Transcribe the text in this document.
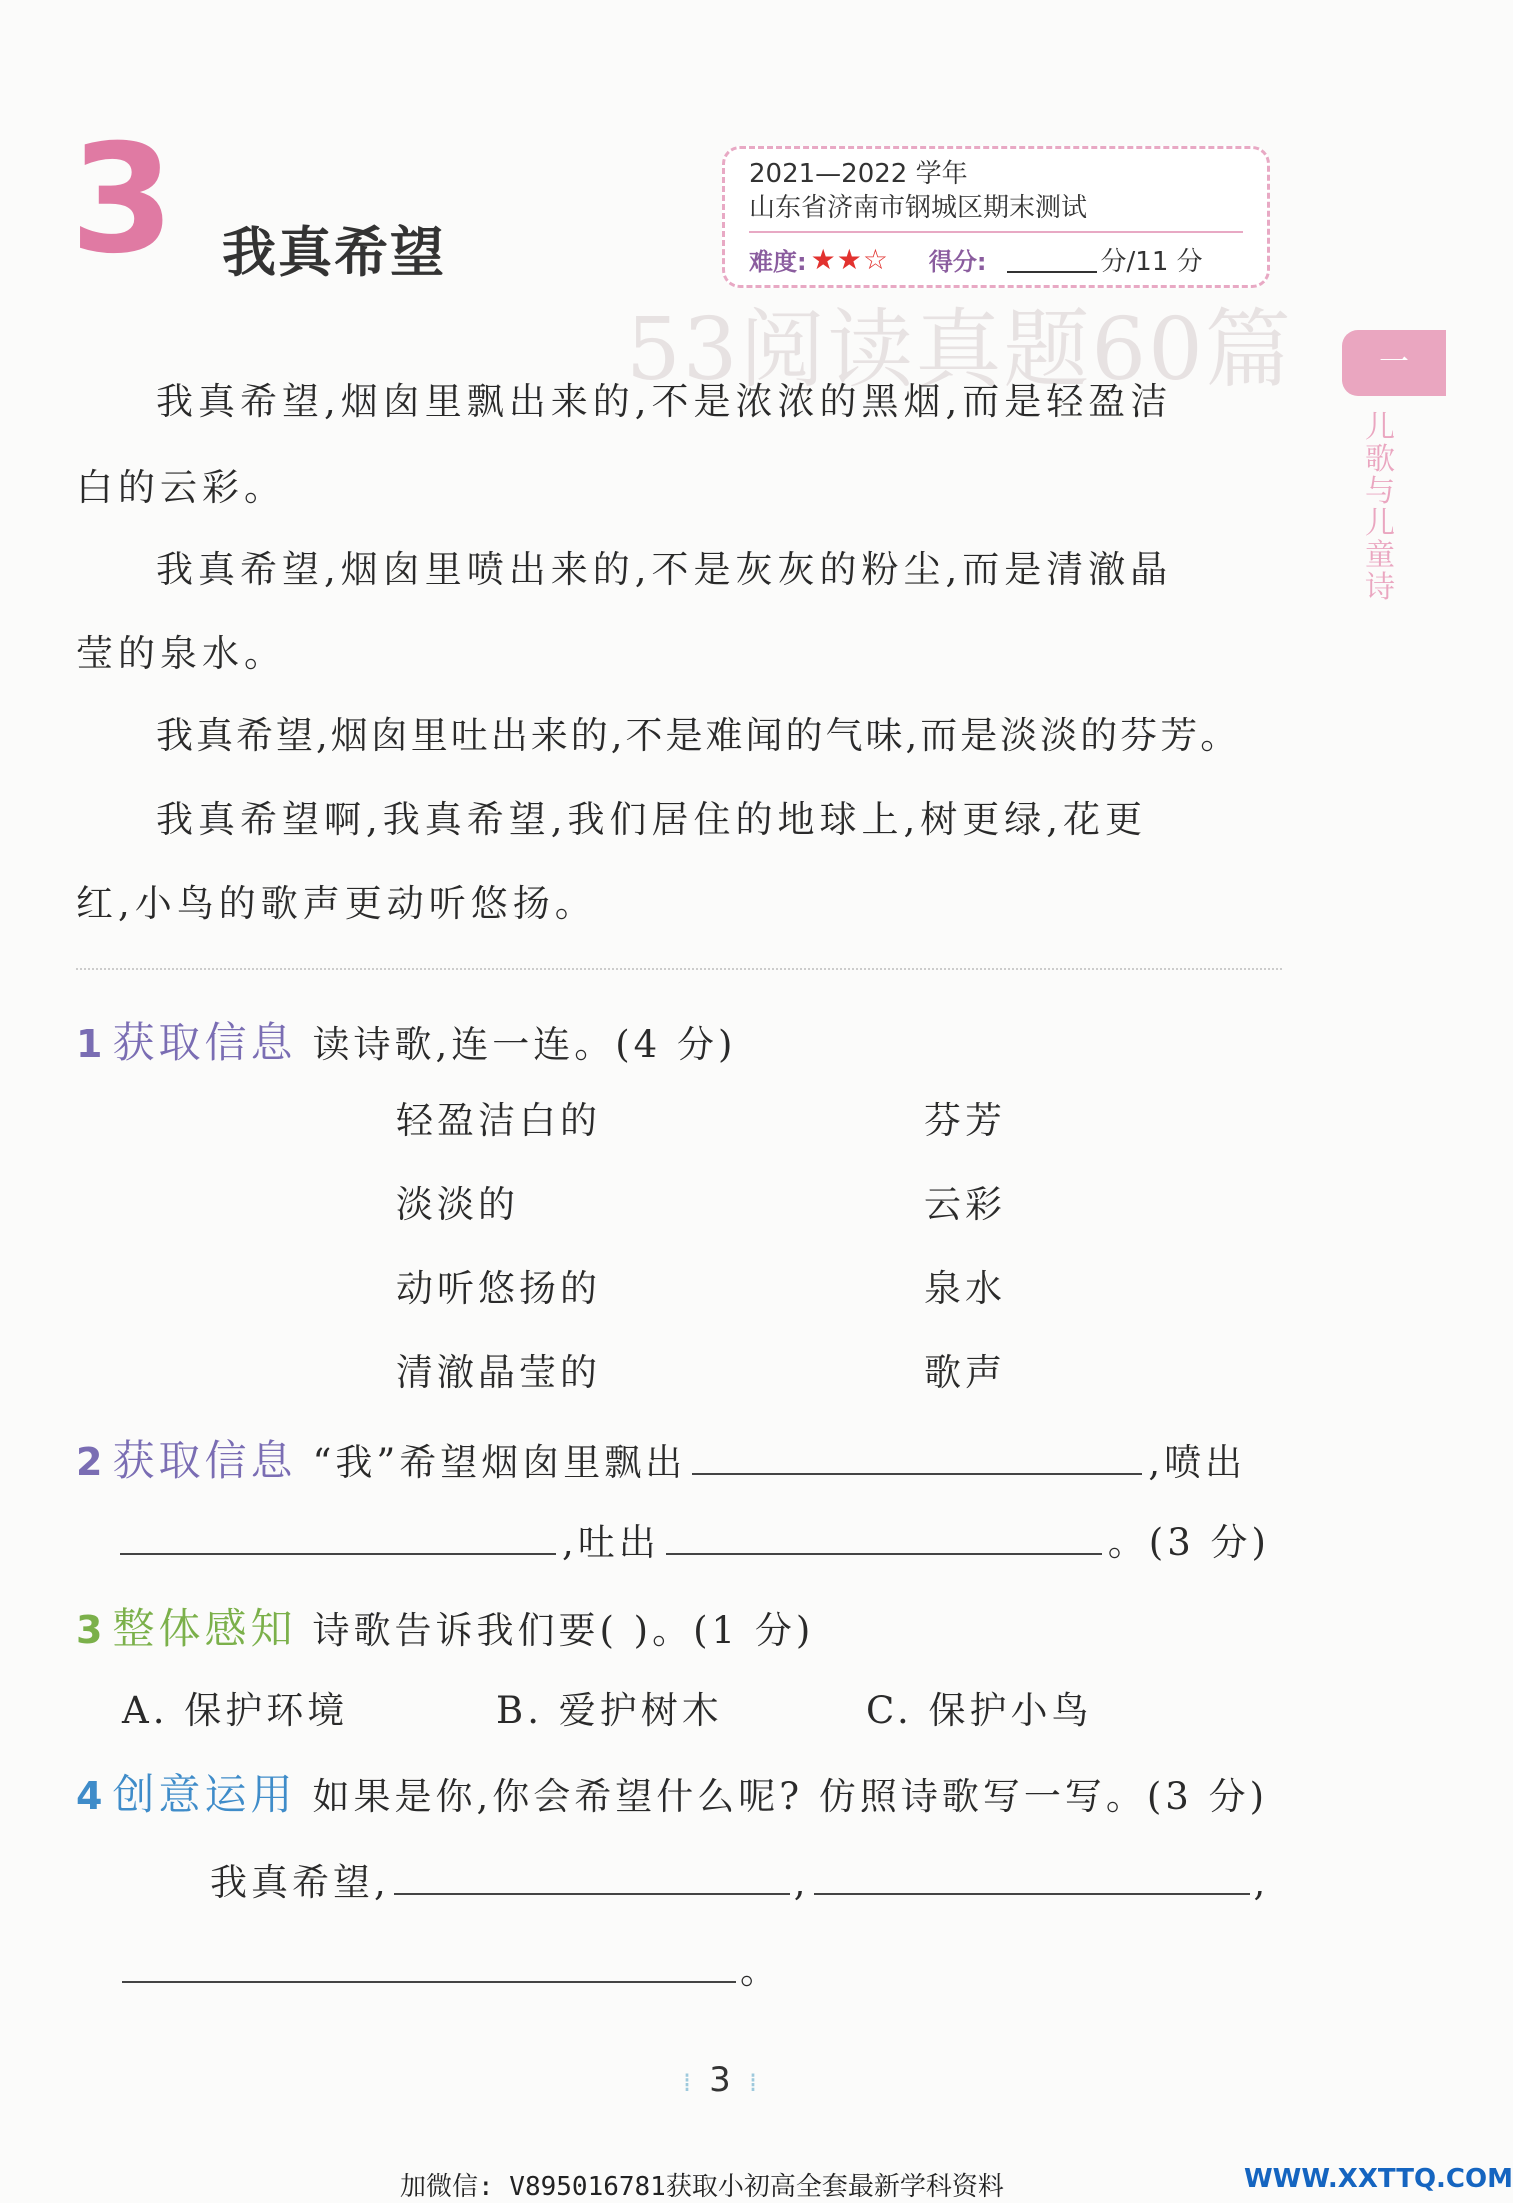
3 我真希望
2021—2022 学年
山东省济南市钢城区期末测试
难度: ★★☆ 得分:	分/11 分
53阅读真题60篇	一
儿歌与儿童诗

我真希望,烟囱里飘出来的,不是浓浓的黑烟,而是轻盈洁

白的云彩。

我真希望,烟囱里喷出来的,不是灰灰的粉尘,而是清澈晶

莹的泉水。

我真希望,烟囱里吐出来的,不是难闻的气味,而是淡淡的芬芳。

我真希望啊,我真希望,我们居住的地球上,树更绿,花更

红,小鸟的歌声更动听悠扬。

1 获取信息 读诗歌,连一连。(4 分)
轻盈洁白的
淡淡的
动听悠扬的
清澈晶莹的
芬芳
云彩
泉水
歌声
2 获取信息 “我”希望烟囱里飘出	,喷出
,吐出	。(3 分)
3 整体感知 诗歌告诉我们要( )。(1 分)
A. 保护环境	B. 爱护树木	C. 保护小鸟
4 创意运用 如果是你,你会希望什么呢? 仿照诗歌写一写。(3 分)
我真希望,	,	,
。
⁞ 3 ⁞
加微信: V895016781获取小初高全套最新学科资料	WWW.XXTTQ.COM
